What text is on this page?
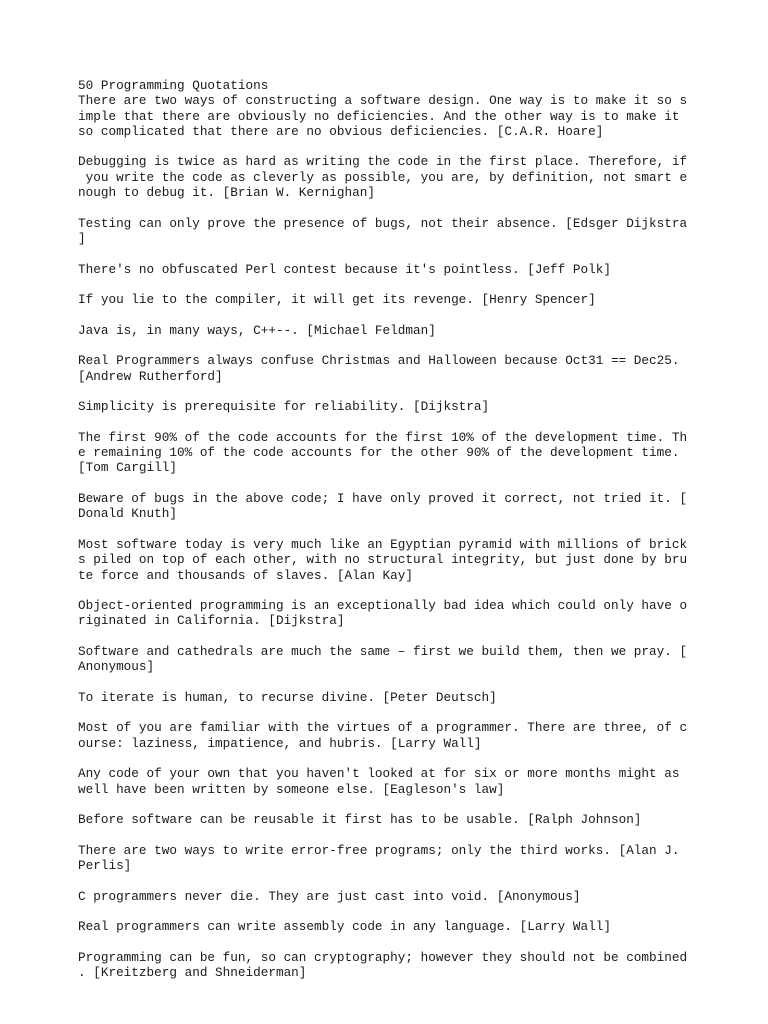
50 Programming Quotations
There are two ways of constructing a software design. One way is to make it so s
imple that there are obviously no deficiencies. And the other way is to make it
so complicated that there are no obvious deficiencies. [C.A.R. Hoare]
Debugging is twice as hard as writing the code in the first place. Therefore, if
you write the code as cleverly as possible, you are, by definition, not smart e
nough to debug it. [Brian W. Kernighan]
Testing can only prove the presence of bugs, not their absence. [Edsger Dijkstra
]
There's no obfuscated Perl contest because it's pointless. [Jeff Polk]
If you lie to the compiler, it will get its revenge. [Henry Spencer]
Java is, in many ways, C++--. [Michael Feldman]
Real Programmers always confuse Christmas and Halloween because Oct31 == Dec25.
[Andrew Rutherford]
Simplicity is prerequisite for reliability. [Dijkstra]
The first 90% of the code accounts for the first 10% of the development time. Th
e remaining 10% of the code accounts for the other 90% of the development time.
[Tom Cargill]
Beware of bugs in the above code; I have only proved it correct, not tried it. [
Donald Knuth]
Most software today is very much like an Egyptian pyramid with millions of brick
s piled on top of each other, with no structural integrity, but just done by bru
te force and thousands of slaves. [Alan Kay]
Object-oriented programming is an exceptionally bad idea which could only have o
riginated in California. [Dijkstra]
Software and cathedrals are much the same – first we build them, then we pray. [
Anonymous]
To iterate is human, to recurse divine. [Peter Deutsch]
Most of you are familiar with the virtues of a programmer. There are three, of c
ourse: laziness, impatience, and hubris. [Larry Wall]
Any code of your own that you haven't looked at for six or more months might as
well have been written by someone else. [Eagleson's law]
Before software can be reusable it first has to be usable. [Ralph Johnson]
There are two ways to write error-free programs; only the third works. [Alan J.
Perlis]
C programmers never die. They are just cast into void. [Anonymous]
Real programmers can write assembly code in any language. [Larry Wall]
Programming can be fun, so can cryptography; however they should not be combined
. [Kreitzberg and Shneiderman]
